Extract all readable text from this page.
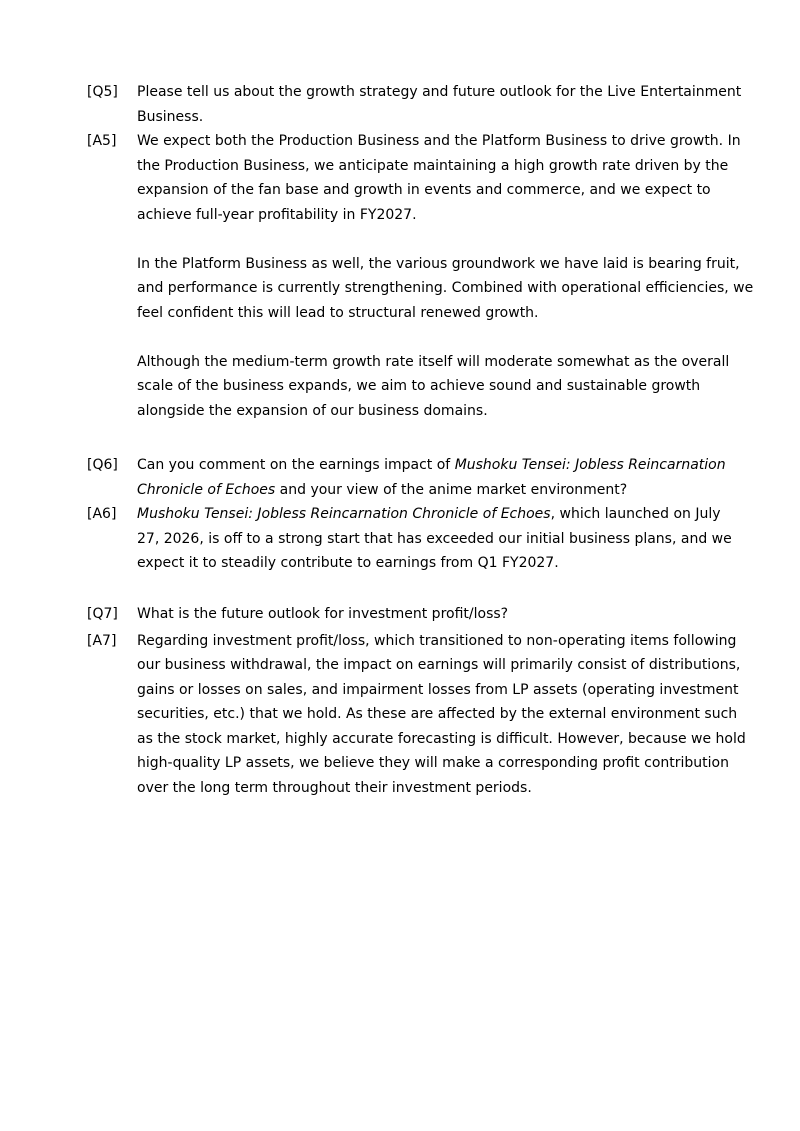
[Q5]	Please tell us about the growth strategy and future outlook for the Live Entertainment
Business.
[A5]	We expect both the Production Business and the Platform Business to drive growth. In
the Production Business, we anticipate maintaining a high growth rate driven by the
expansion of the fan base and growth in events and commerce, and we expect to
achieve full-year profitability in FY2027.
In the Platform Business as well, the various groundwork we have laid is bearing fruit,
and performance is currently strengthening. Combined with operational efficiencies, we
feel confident this will lead to structural renewed growth.
Although the medium-term growth rate itself will moderate somewhat as the overall
scale of the business expands, we aim to achieve sound and sustainable growth
alongside the expansion of our business domains.
[Q6]	Can you comment on the earnings impact of Mushoku Tensei: Jobless Reincarnation
Chronicle of Echoes and your view of the anime market environment?
[A6]	Mushoku Tensei: Jobless Reincarnation Chronicle of Echoes, which launched on July
27, 2026, is off to a strong start that has exceeded our initial business plans, and we
expect it to steadily contribute to earnings from Q1 FY2027.
[Q7]	What is the future outlook for investment profit/loss?
[A7]	Regarding investment profit/loss, which transitioned to non-operating items following
our business withdrawal, the impact on earnings will primarily consist of distributions,
gains or losses on sales, and impairment losses from LP assets (operating investment
securities, etc.) that we hold. As these are affected by the external environment such
as the stock market, highly accurate forecasting is difficult. However, because we hold
high-quality LP assets, we believe they will make a corresponding profit contribution
over the long term throughout their investment periods.
